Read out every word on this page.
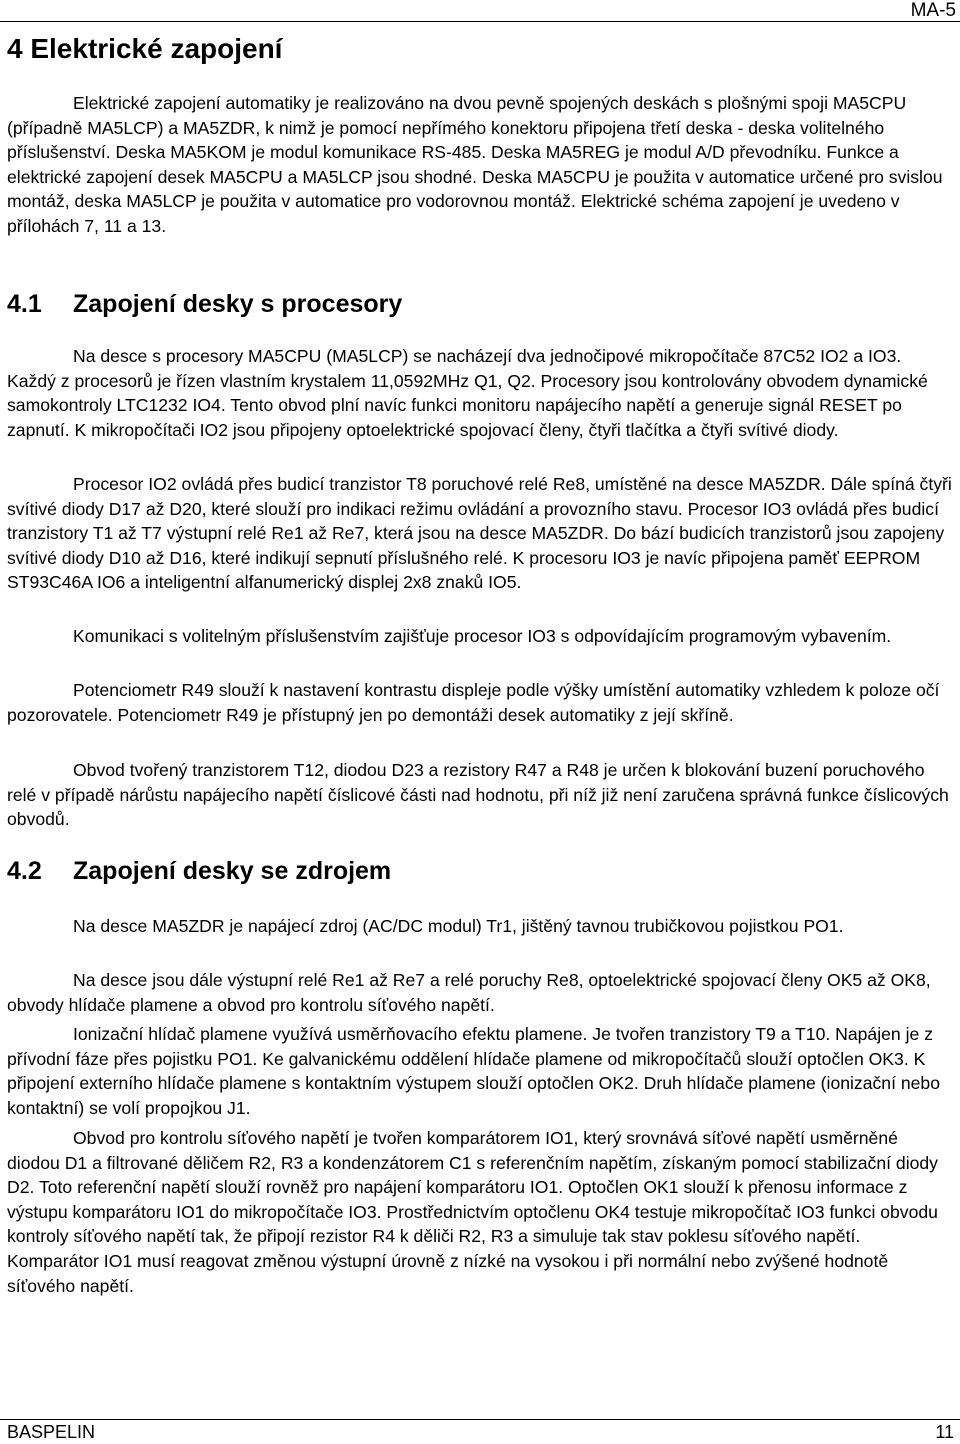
MA-5
4 Elektrické zapojení

Elektrické zapojení automatiky je realizováno na dvou pevně spojených deskách s plošnými spoji MA5CPU (případně MA5LCP) a MA5ZDR, k nimž je pomocí nepřímého konektoru připojena třetí deska - deska volitelného příslušenství. Deska MA5KOM je modul komunikace RS-485. Deska MA5REG je modul A/D převodníku. Funkce a elektrické zapojení desek MA5CPU a MA5LCP jsou shodné. Deska MA5CPU je použita v automatice určené pro svislou montáž, deska MA5LCP je použita v automatice pro vodorovnou montáž. Elektrické schéma zapojení je uvedeno v přílohách 7, 11 a 13.

4.1	Zapojení desky s procesory

Na desce s procesory MA5CPU (MA5LCP) se nacházejí dva jednočipové mikropočítače 87C52 IO2 a IO3. Každý z procesorů je řízen vlastním krystalem 11,0592MHz Q1, Q2. Procesory jsou kontrolovány obvodem dynamické samokontroly LTC1232 IO4. Tento obvod plní navíc funkci monitoru napájecího napětí a generuje signál RESET po zapnutí. K mikropočítači IO2 jsou připojeny optoelektrické spojovací členy, čtyři tlačítka a čtyři svítivé diody.

Procesor IO2 ovládá přes budicí tranzistor T8 poruchové relé Re8, umístěné na desce MA5ZDR. Dále spíná čtyři svítivé diody D17 až D20, které slouží pro indikaci režimu ovládání a provozního stavu. Procesor IO3 ovládá přes budicí tranzistory T1 až T7 výstupní relé Re1 až Re7, která jsou na desce MA5ZDR. Do bází budicích tranzistorů jsou zapojeny svítivé diody D10 až D16, které indikují sepnutí příslušného relé. K procesoru IO3 je navíc připojena paměť EEPROM ST93C46A IO6 a inteligentní alfanumerický displej 2x8 znaků IO5.

Komunikaci s volitelným příslušenstvím zajišťuje procesor IO3 s odpovídajícím programovým vybavením.

Potenciometr R49 slouží k nastavení kontrastu displeje podle výšky umístění automatiky vzhledem k poloze očí pozorovatele. Potenciometr R49 je přístupný jen po demontáži desek automatiky z její skříně.

Obvod tvořený tranzistorem T12, diodou D23 a rezistory R47 a R48 je určen k blokování buzení poruchového relé v případě nárůstu napájecího napětí číslicové části nad hodnotu, při níž již není zaručena správná funkce číslicových obvodů.

4.2	Zapojení desky se zdrojem

Na desce MA5ZDR je napájecí zdroj (AC/DC modul) Tr1, jištěný tavnou trubičkovou pojistkou PO1.

Na desce jsou dále výstupní relé Re1 až Re7 a relé poruchy Re8, optoelektrické spojovací členy OK5 až OK8, obvody hlídače plamene a obvod pro kontrolu síťového napětí.

Ionizační hlídač plamene využívá usměrňovacího efektu plamene. Je tvořen tranzistory T9 a T10. Napájen je z přívodní fáze přes pojistku PO1. Ke galvanickému oddělení hlídače plamene od mikropočítačů slouží optočlen OK3. K připojení externího hlídače plamene s kontaktním výstupem slouží optočlen OK2. Druh hlídače plamene (ionizační nebo kontaktní) se volí propojkou J1.

Obvod pro kontrolu síťového napětí je tvořen komparátorem IO1, který srovnává síťové napětí usměrněné diodou D1 a filtrované děličem R2, R3 a kondenzátorem C1 s referenčním napětím, získaným pomocí stabilizační diody D2. Toto referenční napětí slouží rovněž pro napájení komparátoru IO1. Optočlen OK1 slouží k přenosu informace z výstupu komparátoru IO1 do mikropočítače IO3. Prostřednictvím optočlenu OK4 testuje mikropočítač IO3 funkci obvodu kontroly síťového napětí tak, že připojí rezistor R4 k děliči R2, R3 a simuluje tak stav poklesu síťového napětí. Komparátor IO1 musí reagovat změnou výstupní úrovně z nízké na vysokou i při normální nebo zvýšené hodnotě síťového napětí.

BASPELIN	11
